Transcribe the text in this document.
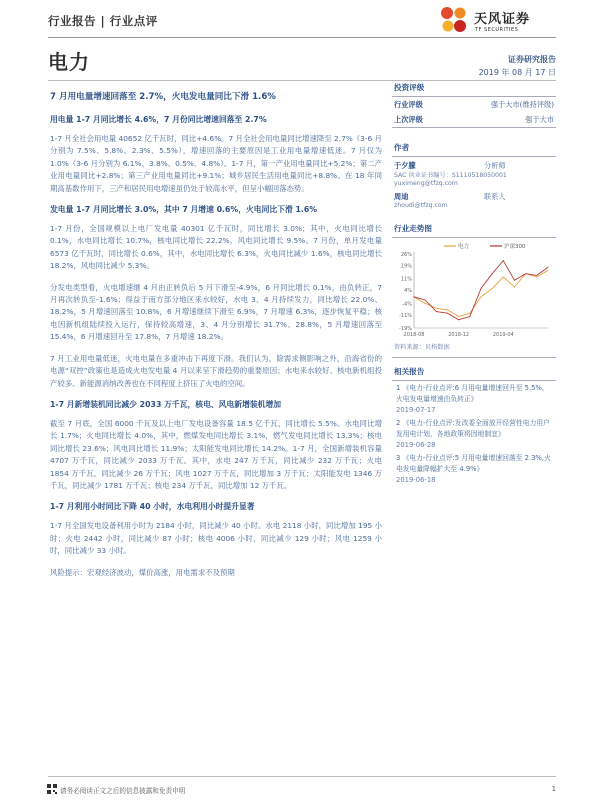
行业报告 | 行业点评	天风证券
TF SECURITIES
电力	证券研究报告
2019 年 08 月 17 日
7 月用电量增速回落至 2.7%，火电发电量同比下滑 1.6%
用电量 1-7 月同比增长 4.6%，7 月份同比增速回落至 2.7%
1-7 月全社会用电量 40652 亿千瓦时，同比+4.6%。7 月全社会用电量同比增速降至 2.7%（3-6 月分别为 7.5%、5.8%、2.3%、5.5%），增速回落的主要原因是工业用电量增速低迷。7 月仅为 1.0%（3-6 月分别为 6.1%、3.8%、0.5%、4.8%）。1-7 月，第一产业用电量同比+5.2%；第二产业用电量同比+2.8%；第三产业用电量同比+9.1%；城乡居民生活用电量同比+8.8%。在 18 年同期高基数作用下，三产和居民用电增速虽仍处于较高水平，但呈小幅回落态势。
发电量 1-7 月同比增长 3.0%，其中 7 月增速 0.6%，火电同比下滑 1.6%
1-7 月份，全国规模以上电厂发电量 40301 亿千瓦时，同比增长 3.0%；其中，火电同比增长 0.1%，水电同比增长 10.7%，核电同比增长 22.2%，风电同比增长 9.5%。7 月份，单月发电量 6573 亿千瓦时，同比增长 0.6%，其中，水电同比增长 6.3%，火电同比减少 1.6%，核电同比增长 18.2%，风电同比减少 5.3%。
分发电类型看，火电增速继 4 月由正转负后 5 月下滑至-4.9%，6 月同比增长 0.1%，由负转正，7 月再次转负至-1.6%；得益于南方部分地区来水较好，水电 3、4 月持续发力，同比增长 22.0%、18.2%，5 月增速回落至 10.8%，6 月增速继续下滑至 6.9%，7 月增速 6.3%，逐步恢复平稳；核电因新机组陆续投入运行，保持较高增速，3、4 月分别增长 31.7%、28.8%，5 月增速回落至 15.4%，6 月增速回升至 17.8%，7 月增速 18.2%。
7 月工业用电量低迷，火电电量在多重冲击下再度下滑。我们认为，除需求侧影响之外，沿海省份的电源“双控”政策也是造成火电发电量 4 月以来呈下滑趋势的重要原因；水电来水较好、核电新机组投产较多、新能源消纳改善也在不同程度上挤压了火电的空间。
1-7 月新增装机同比减少 2033 万千瓦，核电、风电新增装机增加
截至 7 月底，全国 6000 千瓦及以上电厂发电设备容量 18.5 亿千瓦，同比增长 5.5%。水电同比增长 1.7%；火电同比增长 4.0%，其中，燃煤发电同比增长 3.1%，燃气发电同比增长 13.3%；核电同比增长 23.6%；风电同比增长 11.9%；太阳能发电同比增长 14.2%。1-7 月，全国新增装机容量 4707 万千瓦，同比减少 2033 万千瓦。其中，水电 247 万千瓦，同比减少 232 万千瓦；火电 1854 万千瓦，同比减少 26 万千瓦；风电 1027 万千瓦，同比增加 3 万千瓦；太阳能发电 1346 万千瓦，同比减少 1781 万千瓦；核电 234 万千瓦，同比增加 12 万千瓦。
1-7 月利用小时同比下降 40 小时，水电利用小时提升显著
1-7 月全国发电设备利用小时为 2184 小时，同比减少 40 小时。水电 2118 小时，同比增加 195 小时；火电 2442 小时，同比减少 87 小时；核电 4006 小时，同比减少 129 小时；风电 1259 小时，同比减少 33 小时。
风险提示：宏观经济波动，煤价高涨，用电需求不及预期
投资评级
行业评级	强于大市(维持评级)
上次评级	强于大市
作者
于夕朦	分析师
SAC 执业证书编号：S1110518050001
yuximeng@tfzq.com
周迪	联系人
zhoudi@tfzq.com
行业走势图
26%
19%
11%
4%
-4%
-11%
-19%
2018-08	2018-12	2019-04
电力	沪深300
资料来源：贝格数据
相关报告
1 《电力-行业点评:6 月用电量增速回升至 5.5%，火电发电量增速由负转正》
2019-07-17
2 《电力-行业点评:发改委全面放开经营性电力用户发用电计划，各地政策将因地制宜》
2019-06-28
3 《电力-行业点评:5 月用电量增速回落至 2.3%,火电发电量降幅扩大至 4.9%》
2019-06-18
请务必阅读正文之后的信息披露和免责申明	1
